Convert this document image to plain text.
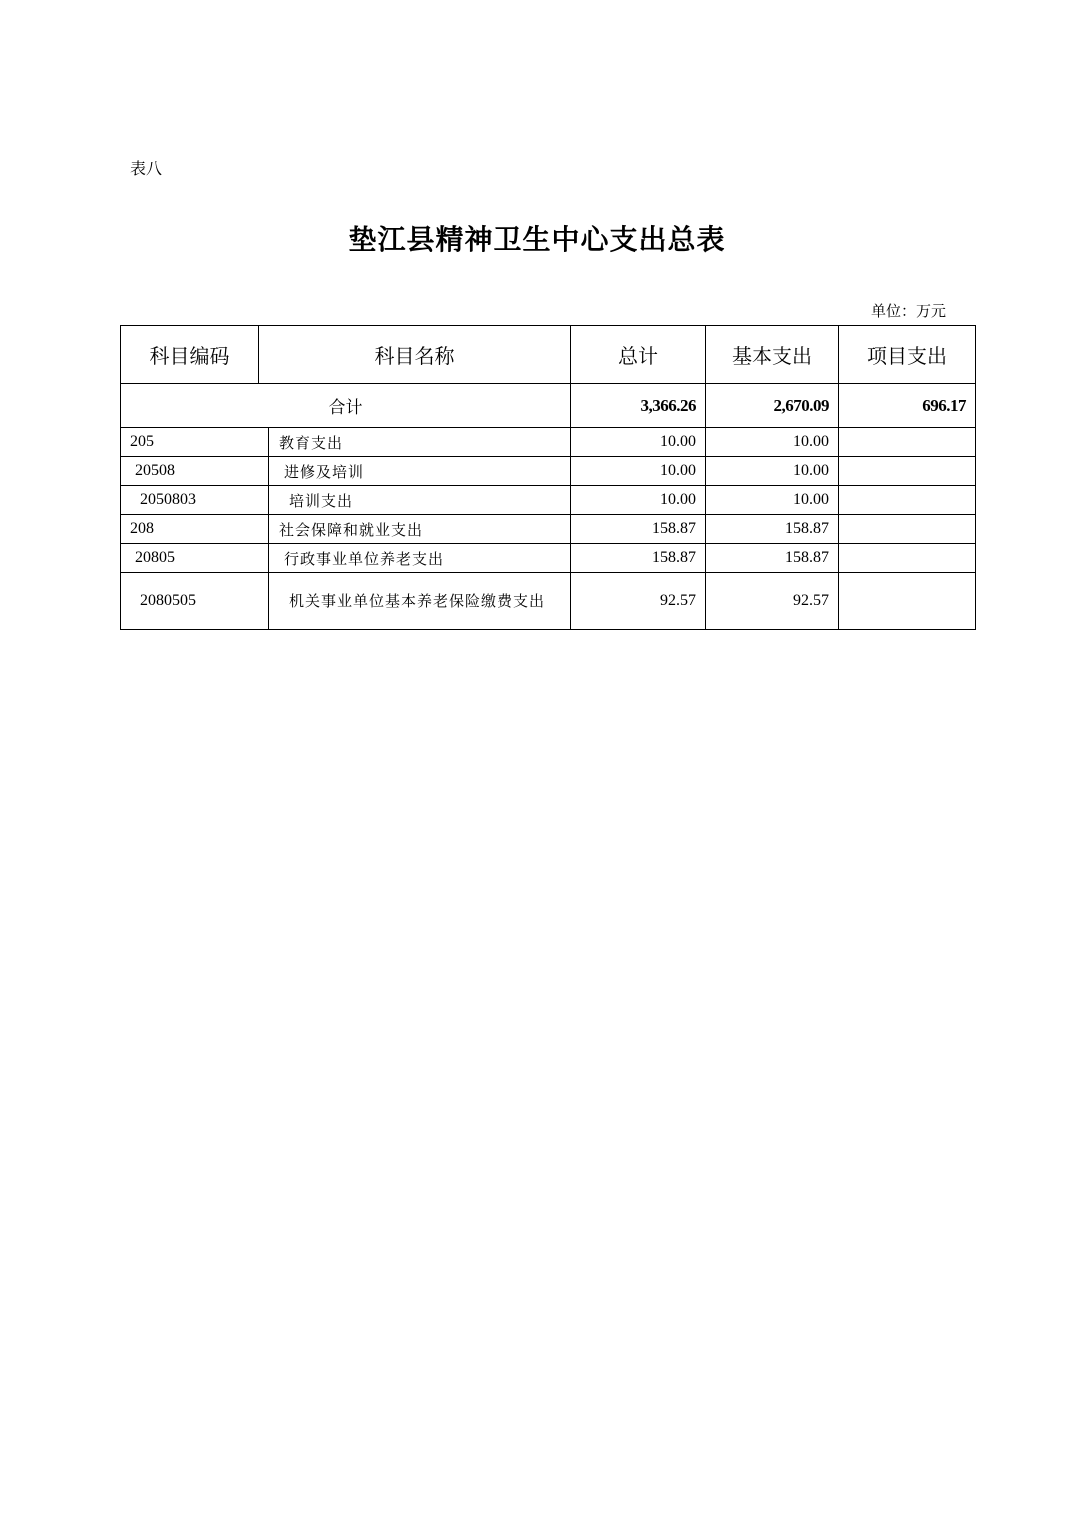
表八
垫江县精神卫生中心支出总表
单位：万元
科目编码	科目名称		总计	基本支出	项目支出
合计			3,366.26	2,670.09	696.17
205		教育支出	10.00	10.00	
20508		进修及培训	10.00	10.00	
2050803		培训支出	10.00	10.00	
208		社会保障和就业支出	158.87	158.87	
20805		行政事业单位养老支出	158.87	158.87	
2080505		机关事业单位基本养老保险缴费支出	92.57	92.57	
